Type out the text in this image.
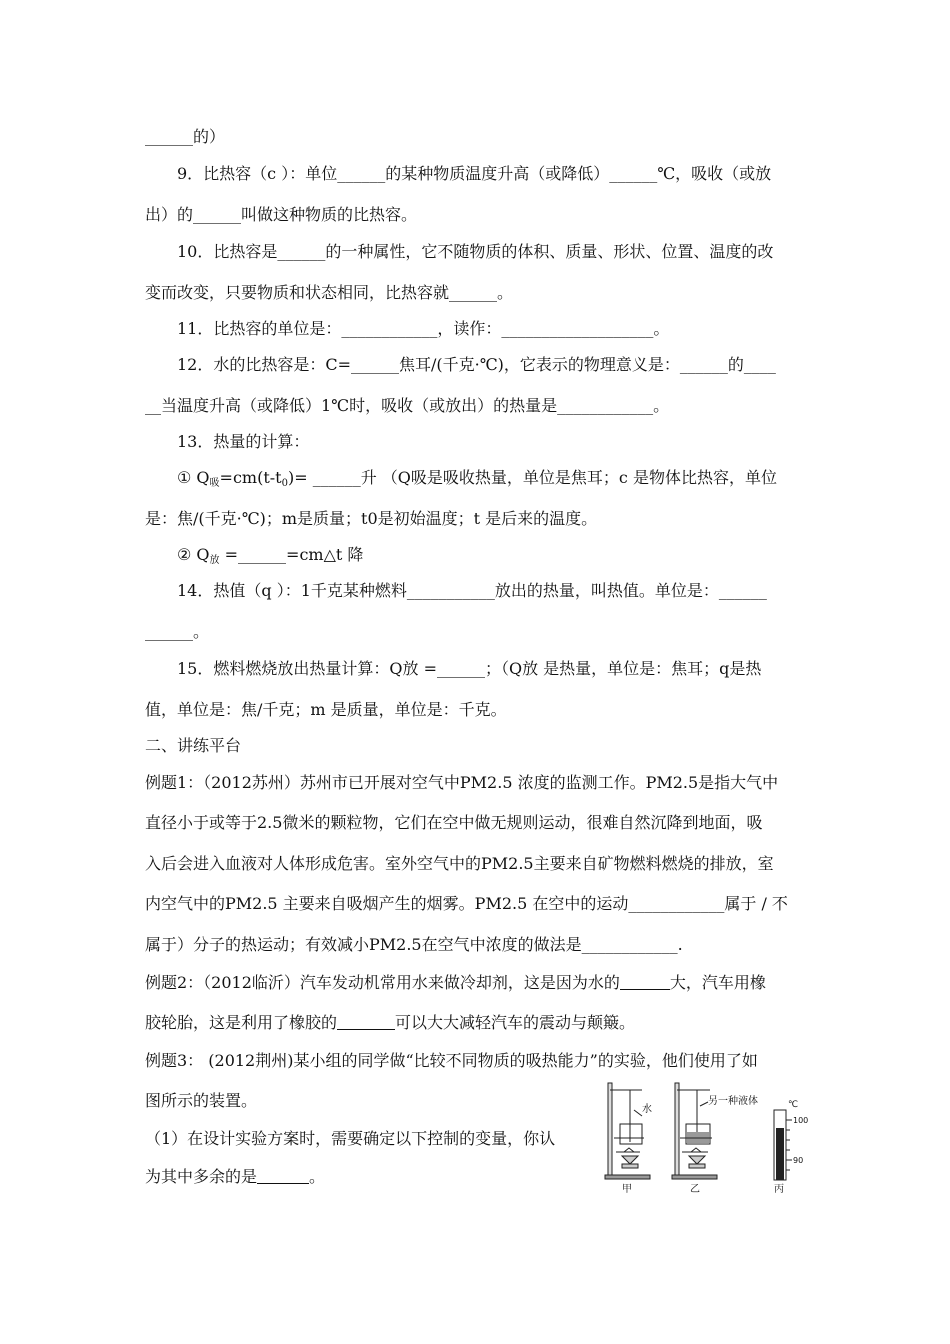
______的）
9．比热容（c ）：单位______的某种物质温度升高（或降低）______℃，吸收（或放
出）的______叫做这种物质的比热容。
10．比热容是______的一种属性，它不随物质的体积、质量、形状、位置、温度的改
变而改变，只要物质和状态相同，比热容就______。
11．比热容的单位是：____________，读作：___________________。
12．水的比热容是：C=______焦耳/(千克·℃)，它表示的物理意义是：______的____
__当温度升高（或降低）1℃时，吸收（或放出）的热量是____________。
13．热量的计算：
① $Q_吸=cm(t-t_0)=$ ______升 （Q吸是吸收热量，单位是焦耳；c 是物体比热容，单位
是：焦/(千克·℃)；m是质量；t0是初始温度；t 是后来的温度。
② $Q_放$ =______=cm△t 降
14．热值（q ）：1千克某种燃料___________放出的热量，叫热值。单位是：______
______。
15．燃料燃烧放出热量计算：Q放 =______；（Q放 是热量，单位是：焦耳；q是热
值，单位是：焦/千克；m 是质量，单位是：千克。
二、讲练平台
例题1：（2012苏州）苏州市已开展对空气中PM2.5 浓度的监测工作。PM2.5是指大气中
直径小于或等于2.5微米的颗粒物，它们在空中做无规则运动，很难自然沉降到地面，吸
入后会进入血液对人体形成危害。室外空气中的PM2.5主要来自矿物燃料燃烧的排放，室
内空气中的PM2.5 主要来自吸烟产生的烟雾。PM2.5 在空中的运动____________属于 / 不
属于）分子的热运动；有效减小PM2.5在空气中浓度的做法是____________.
例题2：（2012临沂）汽车发动机常用水来做冷却剂，这是因为水的	大，汽车用橡
胶轮胎，这是利用了橡胶的	可以大大减轻汽车的震动与颠簸。
例题3： (2012荆州)某小组的同学做“比较不同物质的吸热能力”的实验，他们使用了如
图所示的装置。
（1）在设计实验方案时，需要确定以下控制的变量，你认
为其中多余的是	。
水
甲
另一种液体
乙
℃
100
90
丙
